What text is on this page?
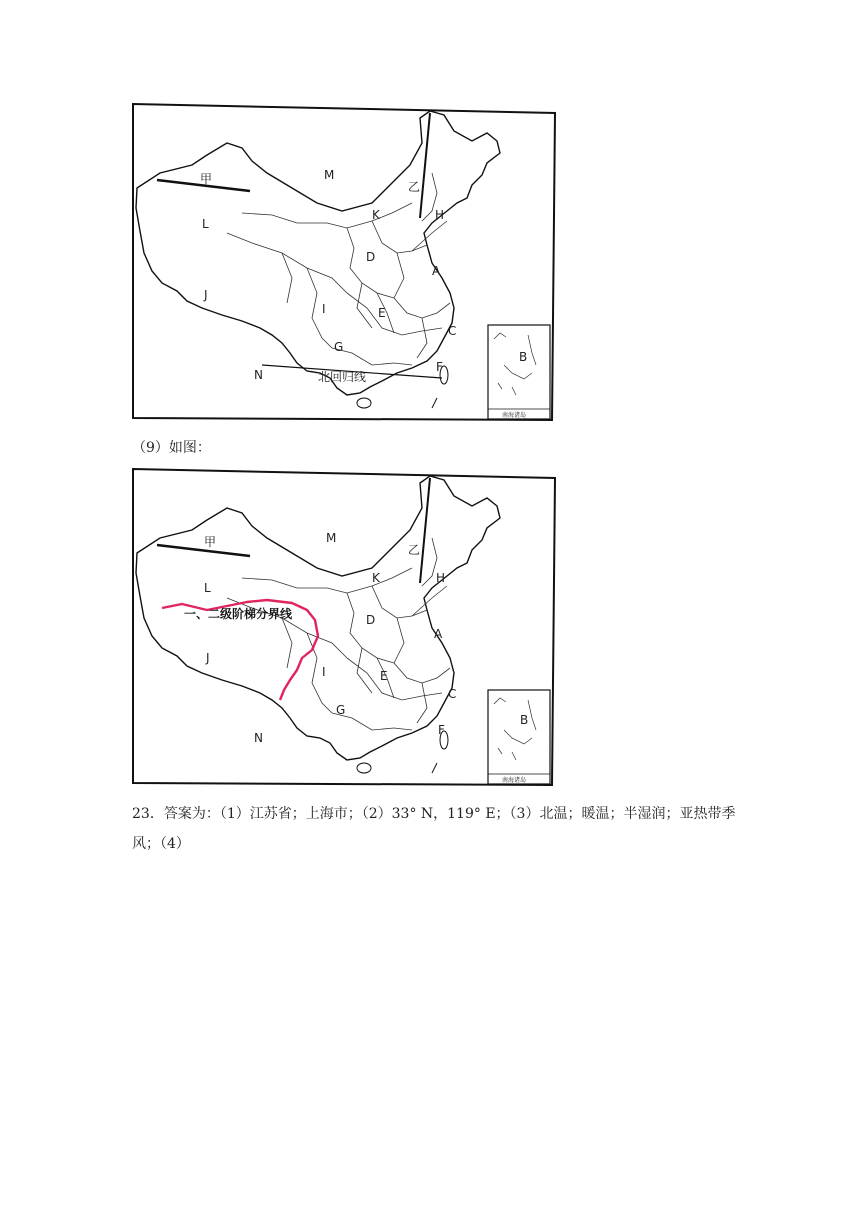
甲
乙
M
L
J
K	H
D
A
I	E
G
C
F
N
B
南海诸岛
北回归线
（9）如图：
甲
乙
M
L
J
K	H
D
A
I	E
G
C
F
N
B
南海诸岛
一、二级阶梯分界线
23．答案为：（1）江苏省；上海市；（2）33° N，119° E；（3）北温；暖温；半湿润；亚热带季风；（4）
